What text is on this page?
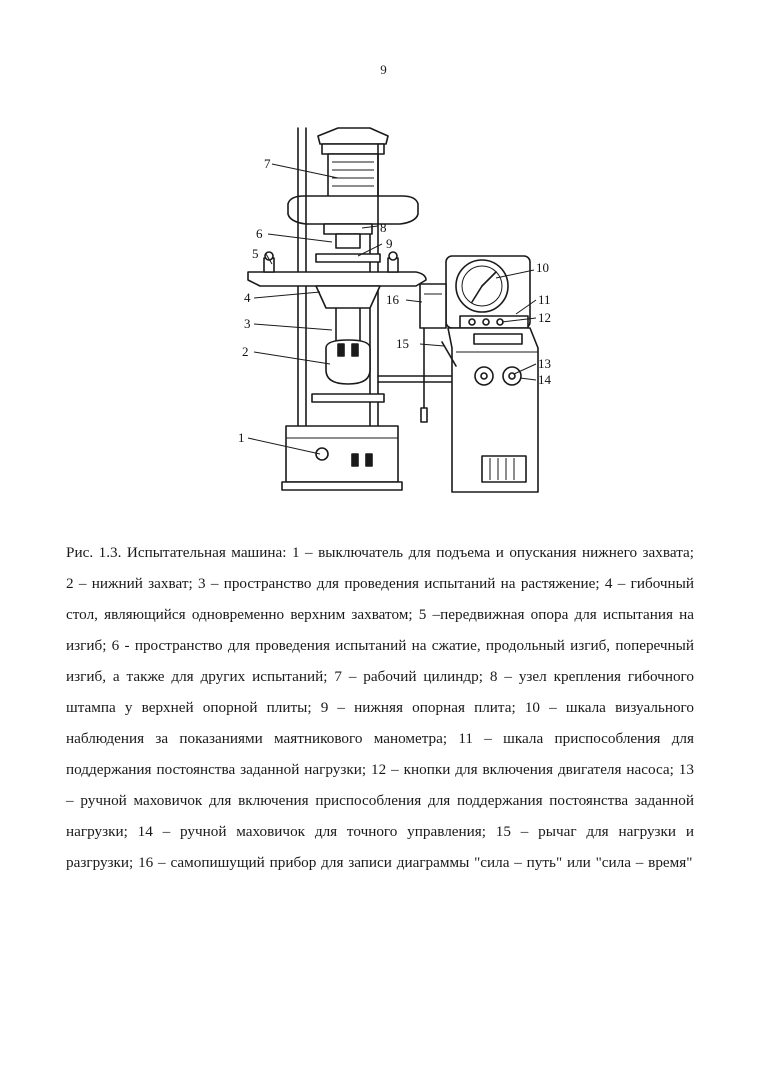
9
7
6
5
8
9
4
3
2
1
10
11
12
13
14
15
16

Рис. 1.3. Испытательная машина: 1 – выключатель для подъема и опускания нижнего захвата; 2 – нижний захват; 3 – пространство для проведения испытаний на растяжение; 4 – гибочный стол, являющийся одновременно верхним захватом; 5 –передвижная опора для испытания на изгиб; 6 - пространство для проведения испытаний на сжатие, продольный изгиб, поперечный изгиб, а также для других испытаний; 7 – рабочий цилиндр; 8 – узел крепления гибочного штампа у верхней опорной плиты; 9 – нижняя опорная плита; 10 – шкала визуального наблюдения за показаниями маятникового манометра; 11 – шкала приспособления для поддержания постоянства заданной нагрузки; 12 – кнопки для включения двигателя насоса; 13 – ручной маховичок для включения приспособления для поддержания постоянства заданной нагрузки; 14 – ручной маховичок для точного управления; 15 – рычаг для нагрузки и разгрузки; 16 – самопишущий прибор для записи диаграммы "сила – путь" или "сила – время"
